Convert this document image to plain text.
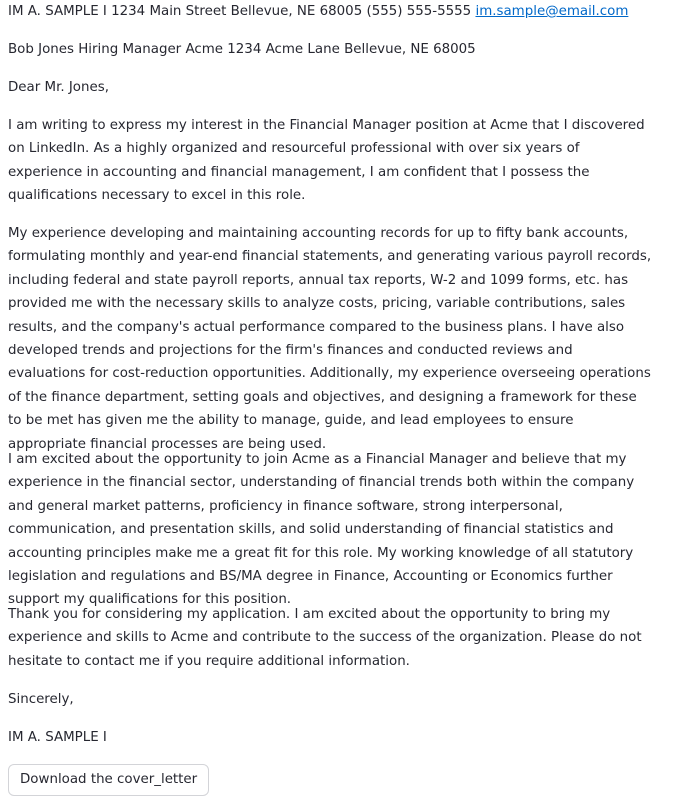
IM A. SAMPLE I 1234 Main Street Bellevue, NE 68005 (555) 555-5555 im.sample@email.com

Bob Jones Hiring Manager Acme 1234 Acme Lane Bellevue, NE 68005

Dear Mr. Jones,

I am writing to express my interest in the Financial Manager position at Acme that I discovered on LinkedIn. As a highly organized and resourceful professional with over six years of experience in accounting and financial management, I am confident that I possess the qualifications necessary to excel in this role.

My experience developing and maintaining accounting records for up to fifty bank accounts, formulating monthly and year-end financial statements, and generating various payroll records, including federal and state payroll reports, annual tax reports, W-2 and 1099 forms, etc. has provided me with the necessary skills to analyze costs, pricing, variable contributions, sales results, and the company's actual performance compared to the business plans. I have also developed trends and projections for the firm's finances and conducted reviews and evaluations for cost-reduction opportunities. Additionally, my experience overseeing operations of the finance department, setting goals and objectives, and designing a framework for these to be met has given me the ability to manage, guide, and lead employees to ensure appropriate financial processes are being used.

I am excited about the opportunity to join Acme as a Financial Manager and believe that my experience in the financial sector, understanding of financial trends both within the company and general market patterns, proficiency in finance software, strong interpersonal, communication, and presentation skills, and solid understanding of financial statistics and accounting principles make me a great fit for this role. My working knowledge of all statutory legislation and regulations and BS/MA degree in Finance, Accounting or Economics further support my qualifications for this position.

Thank you for considering my application. I am excited about the opportunity to bring my experience and skills to Acme and contribute to the success of the organization. Please do not hesitate to contact me if you require additional information.

Sincerely,

IM A. SAMPLE I

Download the cover_letter
